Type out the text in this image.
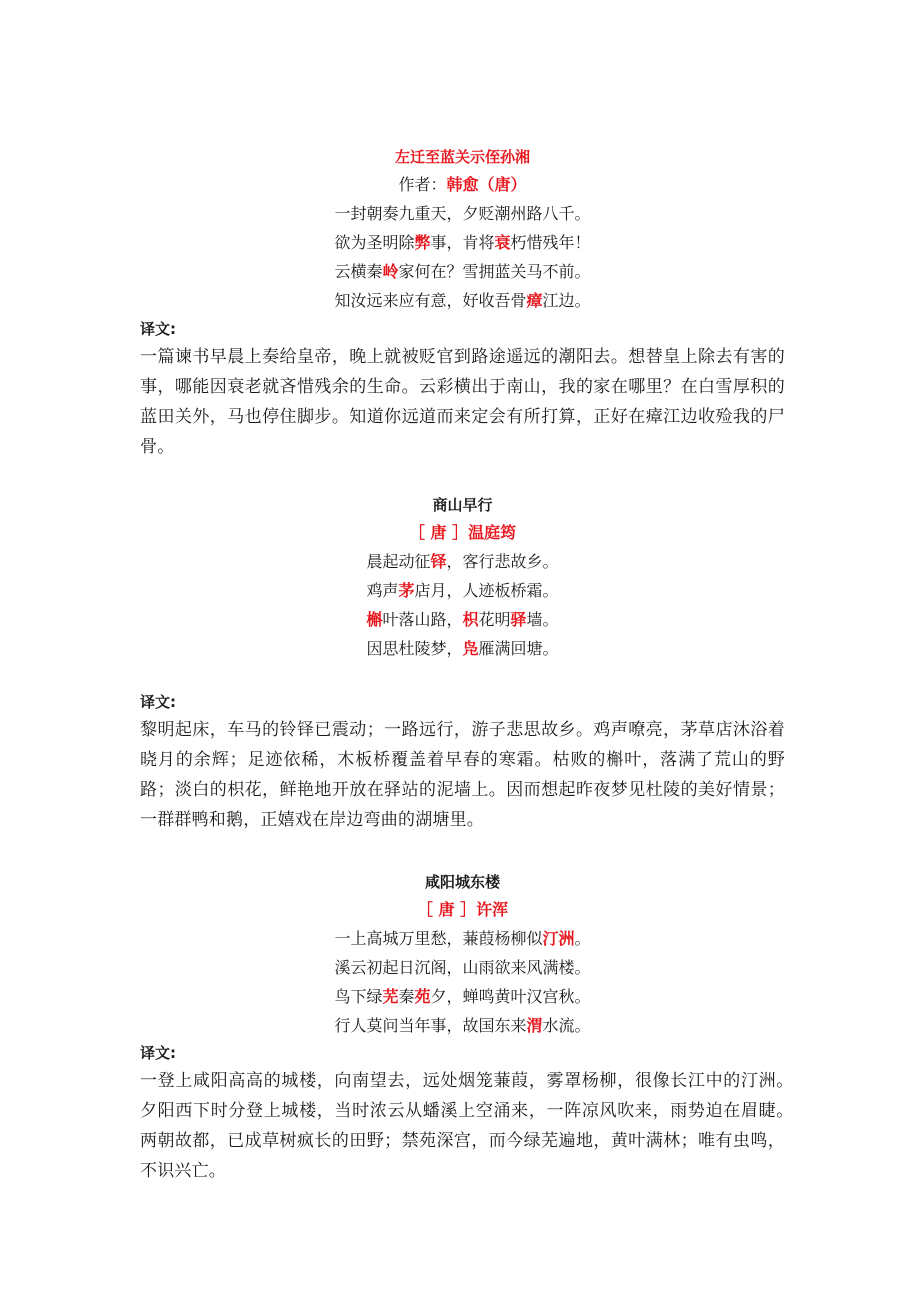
左迁至蓝关示侄孙湘

作者：韩愈（唐）

一封朝奏九重天，夕贬潮州路八千。

欲为圣明除弊事，肯将衰朽惜残年！

云横秦岭家何在？雪拥蓝关马不前。

知汝远来应有意，好收吾骨瘴江边。

译文:

一篇谏书早晨上奏给皇帝，晚上就被贬官到路途遥远的潮阳去。想替皇上除去有害的事，哪能因衰老就吝惜残余的生命。云彩横出于南山，我的家在哪里？在白雪厚积的蓝田关外，马也停住脚步。知道你远道而来定会有所打算，正好在瘴江边收殓我的尸骨。

商山早行

［ 唐 ］温庭筠

晨起动征铎，客行悲故乡。

鸡声茅店月，人迹板桥霜。

槲叶落山路，枳花明驿墙。

因思杜陵梦，凫雁满回塘。

译文:

黎明起床，车马的铃铎已震动；一路远行，游子悲思故乡。鸡声嘹亮，茅草店沐浴着晓月的余辉；足迹依稀，木板桥覆盖着早春的寒霜。枯败的槲叶，落满了荒山的野路；淡白的枳花，鲜艳地开放在驿站的泥墙上。因而想起昨夜梦见杜陵的美好情景；一群群鸭和鹅，正嬉戏在岸边弯曲的湖塘里。

咸阳城东楼

［ 唐 ］许浑

一上高城万里愁，蒹葭杨柳似汀洲。

溪云初起日沉阁，山雨欲来风满楼。

鸟下绿芜秦苑夕，蝉鸣黄叶汉宫秋。

行人莫问当年事，故国东来渭水流。

译文:

一登上咸阳高高的城楼，向南望去，远处烟笼蒹葭，雾罩杨柳，很像长江中的汀洲。　夕阳西下时分登上城楼，当时浓云从蟠溪上空涌来，一阵凉风吹来，雨势迫在眉睫。　两朝故都，已成草树疯长的田野；禁苑深宫，而今绿芜遍地，黄叶满林；唯有虫鸣，不识兴亡。
